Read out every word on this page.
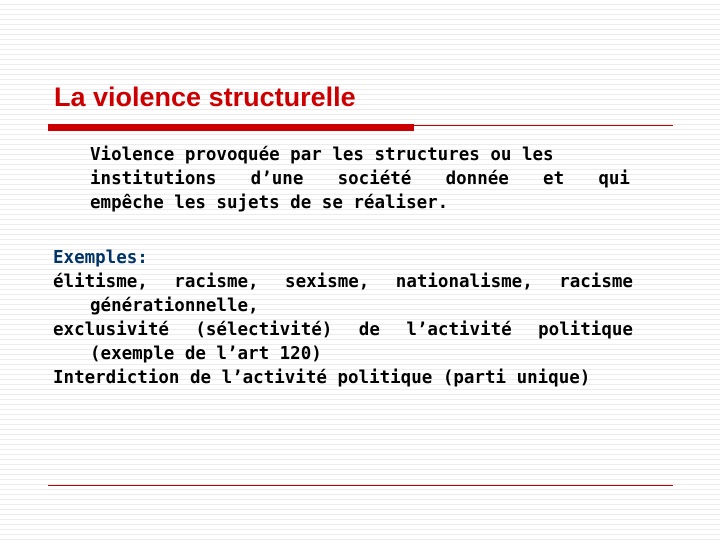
La violence structurelle
Violence provoquée par les structures ou les
institutions d’une société donnée et qui
empêche les sujets de se réaliser.
Exemples:
élitisme, racisme, sexisme, nationalisme, racisme
générationnelle,
exclusivité (sélectivité) de l’activité politique
(exemple de l’art 120)
Interdiction de l’activité politique (parti unique)
